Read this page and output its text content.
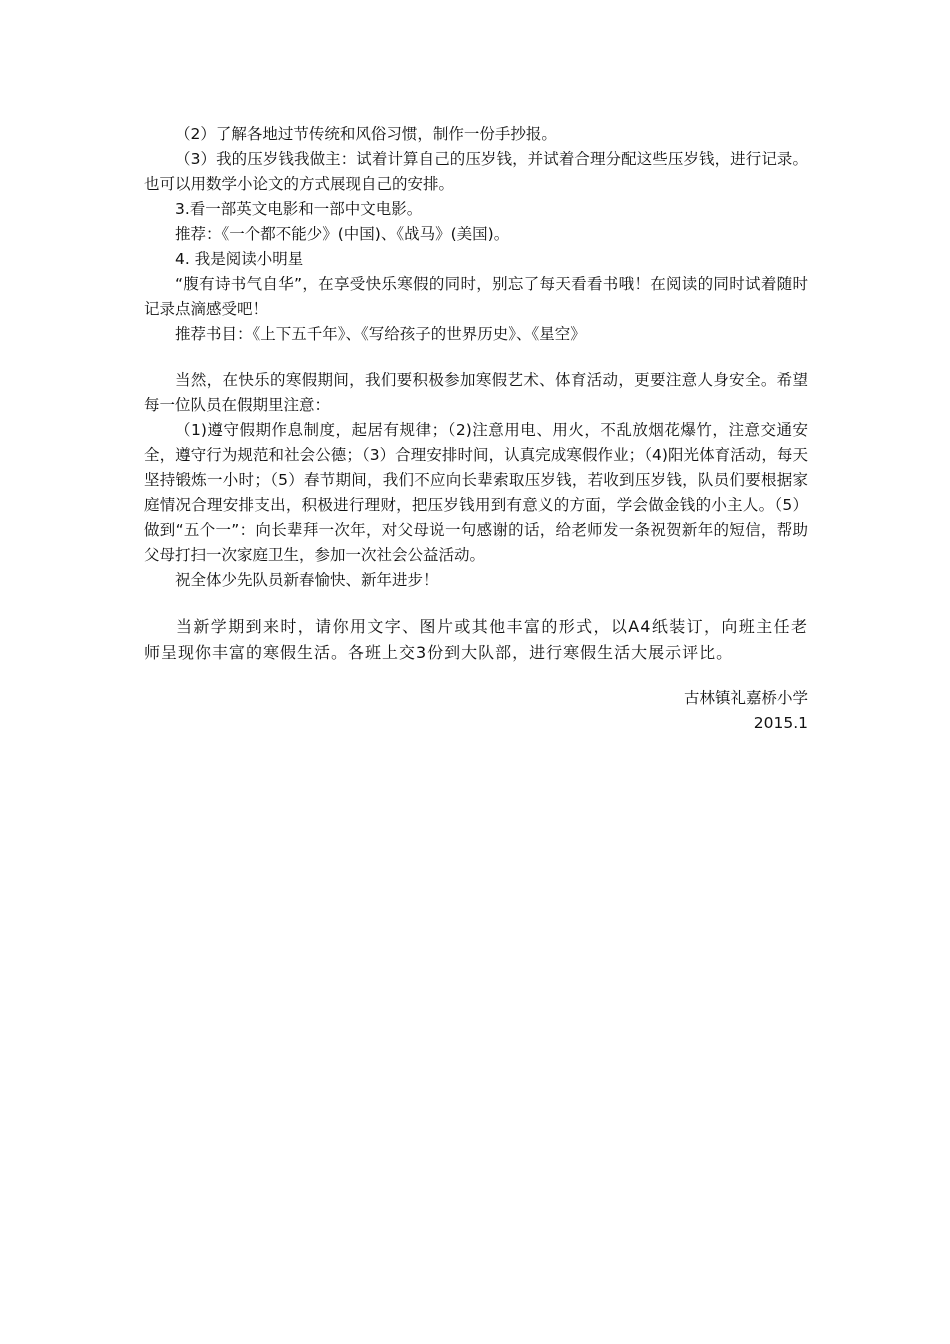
（2）了解各地过节传统和风俗习惯，制作一份手抄报。

（3）我的压岁钱我做主：试着计算自己的压岁钱，并试着合理分配这些压岁钱，进行记录。也可以用数学小论文的方式展现自己的安排。

3.看一部英文电影和一部中文电影。

推荐：《一个都不能少》(中国)、《战马》(美国)。

4. 我是阅读小明星

“腹有诗书气自华”，在享受快乐寒假的同时，别忘了每天看看书哦！在阅读的同时试着随时记录点滴感受吧！

推荐书目：《上下五千年》、《写给孩子的世界历史》、《星空》

当然，在快乐的寒假期间，我们要积极参加寒假艺术、体育活动，更要注意人身安全。希望每一位队员在假期里注意：

（1)遵守假期作息制度，起居有规律；（2)注意用电、用火，不乱放烟花爆竹，注意交通安全，遵守行为规范和社会公德；（3）合理安排时间，认真完成寒假作业；（4)阳光体育活动，每天坚持锻炼一小时；（5）春节期间，我们不应向长辈索取压岁钱，若收到压岁钱，队员们要根据家庭情况合理安排支出，积极进行理财，把压岁钱用到有意义的方面，学会做金钱的小主人。（5）做到“五个一”：向长辈拜一次年，对父母说一句感谢的话，给老师发一条祝贺新年的短信，帮助父母打扫一次家庭卫生，参加一次社会公益活动。

祝全体少先队员新春愉快、新年进步！

当新学期到来时，请你用文字、图片或其他丰富的形式，以A4纸装订，向班主任老师呈现你丰富的寒假生活。各班上交3份到大队部，进行寒假生活大展示评比。

古林镇礼嘉桥小学

2015.1
